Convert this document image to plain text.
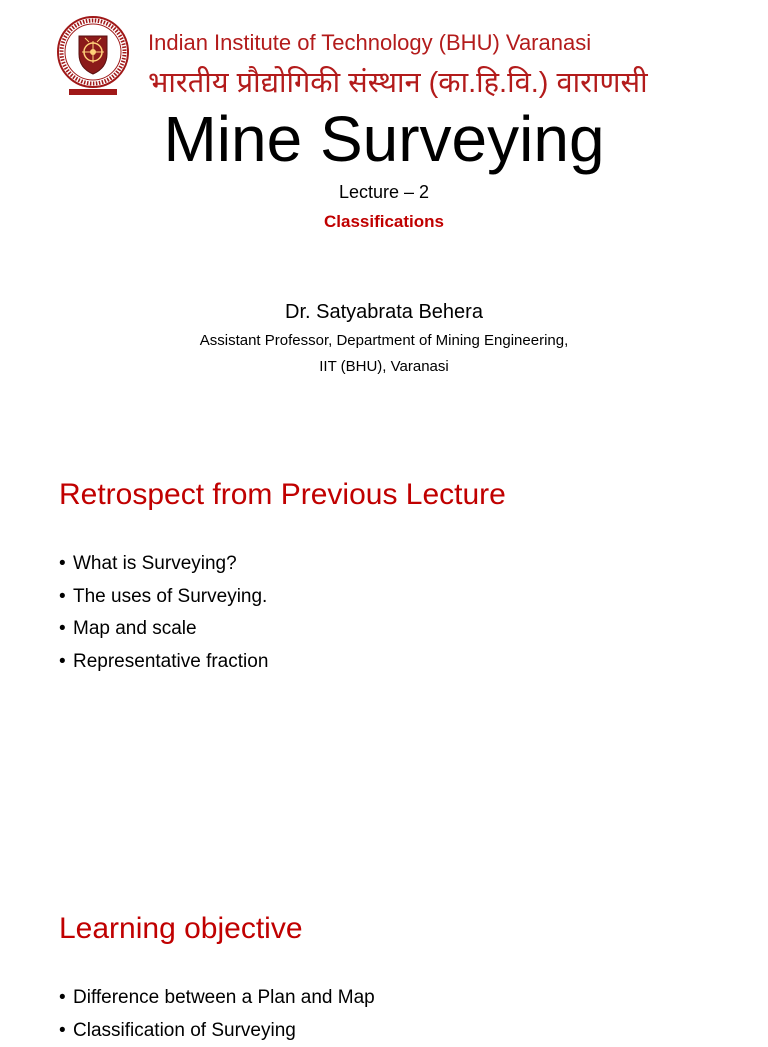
Indian Institute of Technology (BHU) Varanasi
भारतीय प्रौद्योगिकी संस्थान (का.हि.वि.) वाराणसी
Mine Surveying
Lecture – 2
Classifications
Dr. Satyabrata Behera
Assistant Professor, Department of Mining Engineering,
IIT (BHU), Varanasi
Retrospect from Previous Lecture
• What is Surveying?
• The uses of Surveying.
• Map and scale
• Representative fraction
Learning objective
• Difference between a Plan and Map
• Classification of Surveying
